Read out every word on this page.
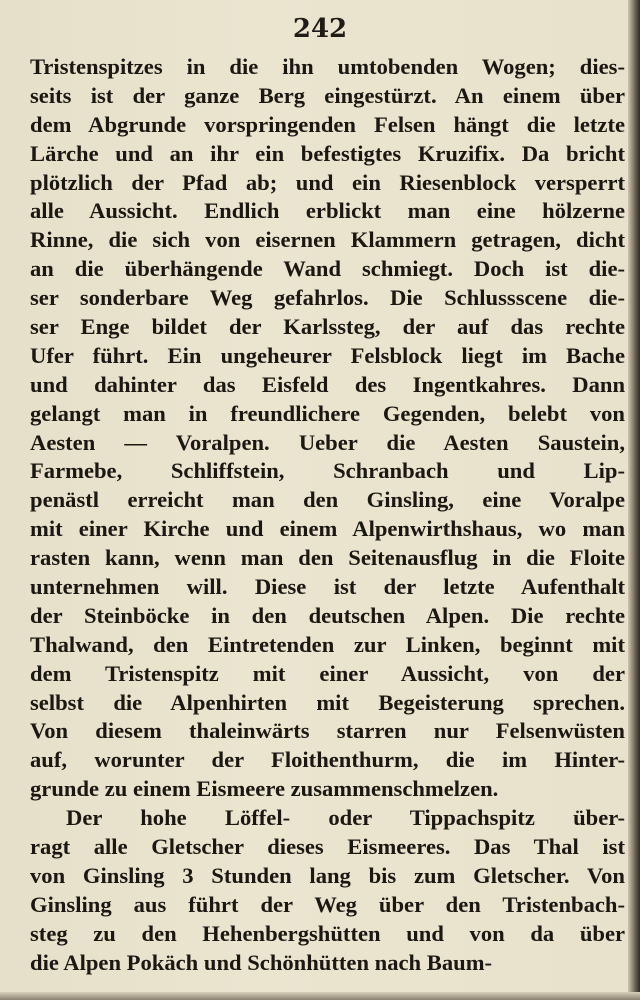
242
Tristenspitzes in die ihn umtobenden Wogen; dies-
seits ist der ganze Berg eingestürzt. An einem über
dem Abgrunde vorspringenden Felsen hängt die letzte
Lärche und an ihr ein befestigtes Kruzifix. Da bricht
plötzlich der Pfad ab; und ein Riesenblock versperrt
alle Aussicht. Endlich erblickt man eine hölzerne
Rinne, die sich von eisernen Klammern getragen, dicht
an die überhängende Wand schmiegt. Doch ist die-
ser sonderbare Weg gefahrlos. Die Schlussscene die-
ser Enge bildet der Karlssteg, der auf das rechte
Ufer führt. Ein ungeheurer Felsblock liegt im Bache
und dahinter das Eisfeld des Ingentkahres. Dann
gelangt man in freundlichere Gegenden, belebt von
Aesten — Voralpen. Ueber die Aesten Saustein,
Farmebe, Schliffstein, Schranbach und Lip-
penästl erreicht man den Ginsling, eine Voralpe
mit einer Kirche und einem Alpenwirthshaus, wo man
rasten kann, wenn man den Seitenausflug in die Floite
unternehmen will. Diese ist der letzte Aufenthalt
der Steinböcke in den deutschen Alpen. Die rechte
Thalwand, den Eintretenden zur Linken, beginnt mit
dem Tristenspitz mit einer Aussicht, von der
selbst die Alpenhirten mit Begeisterung sprechen.
Von diesem thaleinwärts starren nur Felsenwüsten
auf, worunter der Floithenthurm, die im Hinter-
grunde zu einem Eismeere zusammenschmelzen.
Der hohe Löffel- oder Tippachspitz über-
ragt alle Gletscher dieses Eismeeres. Das Thal ist
von Ginsling 3 Stunden lang bis zum Gletscher. Von
Ginsling aus führt der Weg über den Tristenbach-
steg zu den Hehenbergshütten und von da über
die Alpen Pokäch und Schönhütten nach Baum-
